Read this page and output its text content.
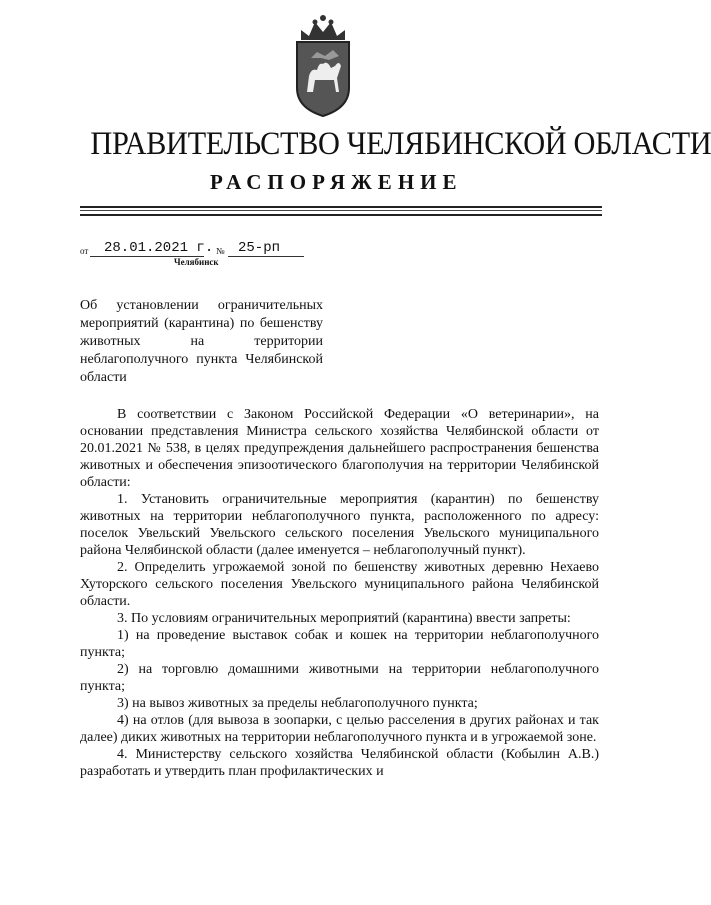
ПРАВИТЕЛЬСТВО ЧЕЛЯБИНСКОЙ ОБЛАСТИ
РАСПОРЯЖЕНИЕ
от 28.01.2021 г. № 25-рп
Челябинск
Об установлении ограничительных мероприятий (карантина) по бешенству животных на территории неблагополучного пункта Челябинской области

В соответствии с Законом Российской Федерации «О ветеринарии», на основании представления Министра сельского хозяйства Челябинской области от 20.01.2021 № 538, в целях предупреждения дальнейшего распространения бешенства животных и обеспечения эпизоотического благополучия на территории Челябинской области:

1. Установить ограничительные мероприятия (карантин) по бешенству животных на территории неблагополучного пункта, расположенного по адресу: поселок Увельский Увельского сельского поселения Увельского муниципального района Челябинской области (далее именуется – неблагополучный пункт).

2. Определить угрожаемой зоной по бешенству животных деревню Нехаево Хуторского сельского поселения Увельского муниципального района Челябинской области.

3. По условиям ограничительных мероприятий (карантина) ввести запреты:

1) на проведение выставок собак и кошек на территории неблагополучного пункта;

2) на торговлю домашними животными на территории неблагополучного пункта;

3) на вывоз животных за пределы неблагополучного пункта;

4) на отлов (для вывоза в зоопарки, с целью расселения в других районах и так далее) диких животных на территории неблагополучного пункта и в угрожаемой зоне.

4. Министерству сельского хозяйства Челябинской области (Кобылин А.В.) разработать и утвердить план профилактических и
